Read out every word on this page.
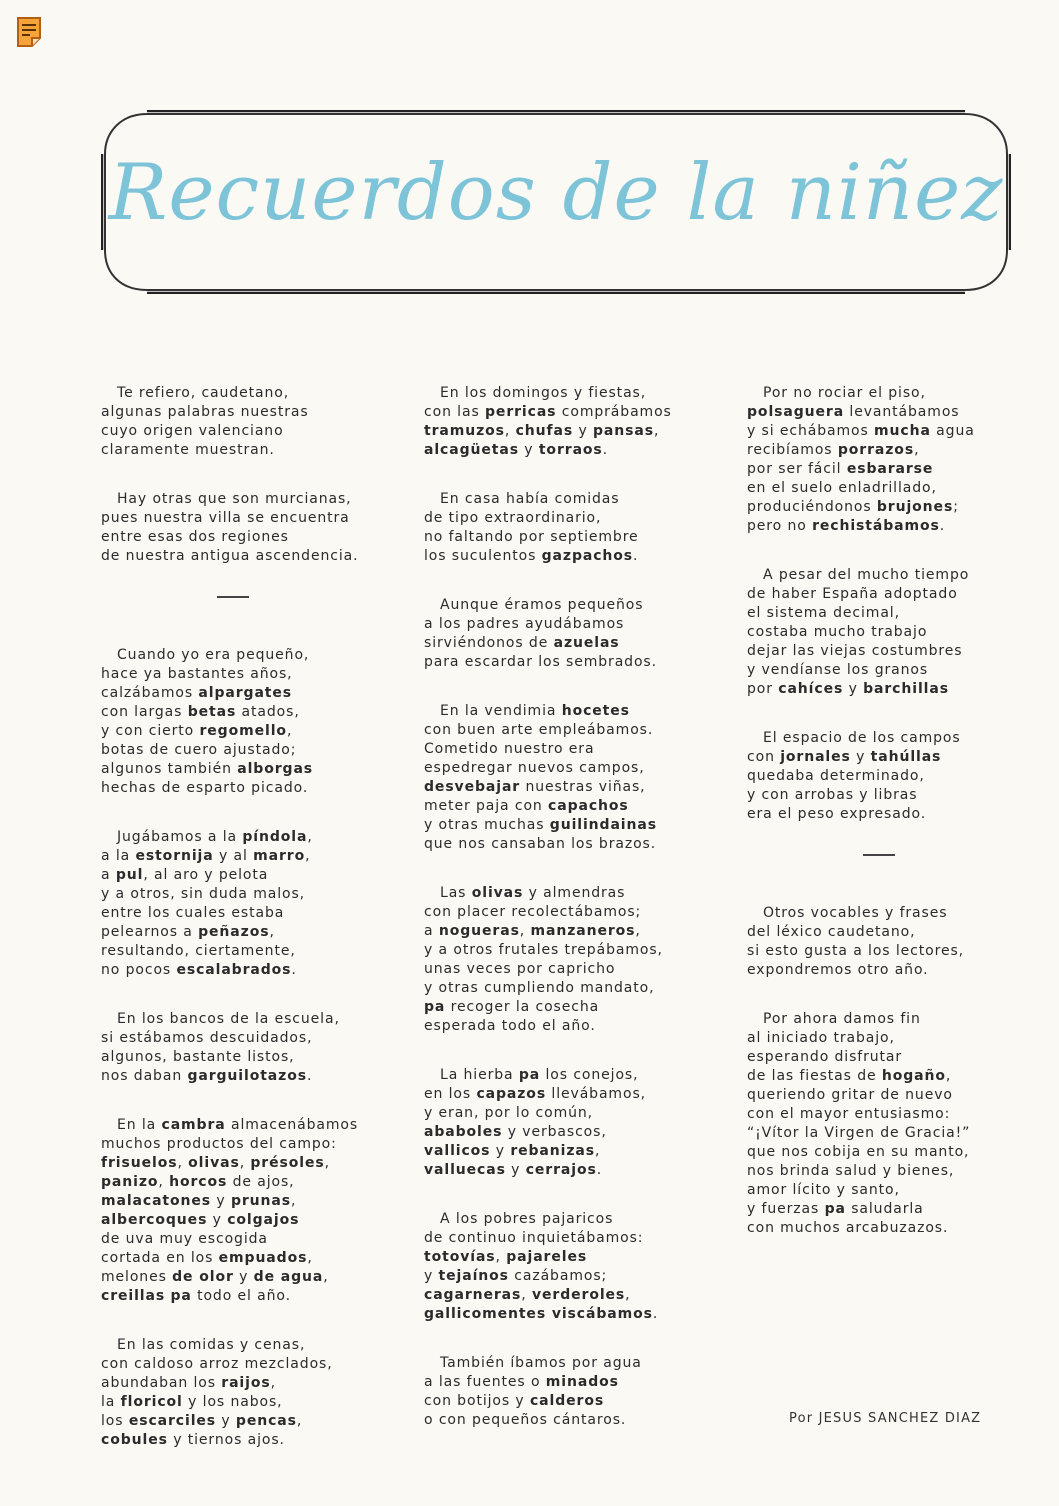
Recuerdos de la niñez
Te refiero, caudetano,
algunas palabras nuestras
cuyo origen valenciano
claramente muestran.
Hay otras que son murcianas,
pues nuestra villa se encuentra
entre esas dos regiones
de nuestra antigua ascendencia.
Cuando yo era pequeño,
hace ya bastantes años,
calzábamos alpargates
con largas betas atados,
y con cierto regomello,
botas de cuero ajustado;
algunos también alborgas
hechas de esparto picado.
Jugábamos a la píndola,
a la estornija y al marro,
a pul, al aro y pelota
y a otros, sin duda malos,
entre los cuales estaba
pelearnos a peñazos,
resultando, ciertamente,
no pocos escalabrados.
En los bancos de la escuela,
si estábamos descuidados,
algunos, bastante listos,
nos daban garguilotazos.
En la cambra almacenábamos
muchos productos del campo:
frisuelos, olivas, présoles,
panizo, horcos de ajos,
malacatones y prunas,
albercoques y colgajos
de uva muy escogida
cortada en los empuados,
melones de olor y de agua,
creillas pa todo el año.
En las comidas y cenas,
con caldoso arroz mezclados,
abundaban los raijos,
la floricol y los nabos,
los escarciles y pencas,
cobules y tiernos ajos.
En los domingos y fiestas,
con las perricas comprábamos
tramuzos, chufas y pansas,
alcagüetas y torraos.
En casa había comidas
de tipo extraordinario,
no faltando por septiembre
los suculentos gazpachos.
Aunque éramos pequeños
a los padres ayudábamos
sirviéndonos de azuelas
para escardar los sembrados.
En la vendimia hocetes
con buen arte empleábamos.
Cometido nuestro era
espedregar nuevos campos,
desvebajar nuestras viñas,
meter paja con capachos
y otras muchas guilindainas
que nos cansaban los brazos.
Las olivas y almendras
con placer recolectábamos;
a nogueras, manzaneros,
y a otros frutales trepábamos,
unas veces por capricho
y otras cumpliendo mandato,
pa recoger la cosecha
esperada todo el año.
La hierba pa los conejos,
en los capazos llevábamos,
y eran, por lo común,
ababoles y verbascos,
vallicos y rebanizas,
valluecas y cerrajos.
A los pobres pajaricos
de continuo inquietábamos:
totovías, pajareles
y tejaínos cazábamos;
cagarneras, verderoles,
gallicomentes viscábamos.
También íbamos por agua
a las fuentes o minados
con botijos y calderos
o con pequeños cántaros.
Por no rociar el piso,
polsaguera levantábamos
y si echábamos mucha agua
recibíamos porrazos,
por ser fácil esbararse
en el suelo enladrillado,
produciéndonos brujones;
pero no rechistábamos.
A pesar del mucho tiempo
de haber España adoptado
el sistema decimal,
costaba mucho trabajo
dejar las viejas costumbres
y vendíanse los granos
por cahíces y barchillas
El espacio de los campos
con jornales y tahúllas
quedaba determinado,
y con arrobas y libras
era el peso expresado.
Otros vocables y frases
del léxico caudetano,
si esto gusta a los lectores,
expondremos otro año.
Por ahora damos fin
al iniciado trabajo,
esperando disfrutar
de las fiestas de hogaño,
queriendo gritar de nuevo
con el mayor entusiasmo:
“¡Vítor la Virgen de Gracia!”
que nos cobija en su manto,
nos brinda salud y bienes,
amor lícito y santo,
y fuerzas pa saludarla
con muchos arcabuzazos.
Por JESUS SANCHEZ DIAZ
